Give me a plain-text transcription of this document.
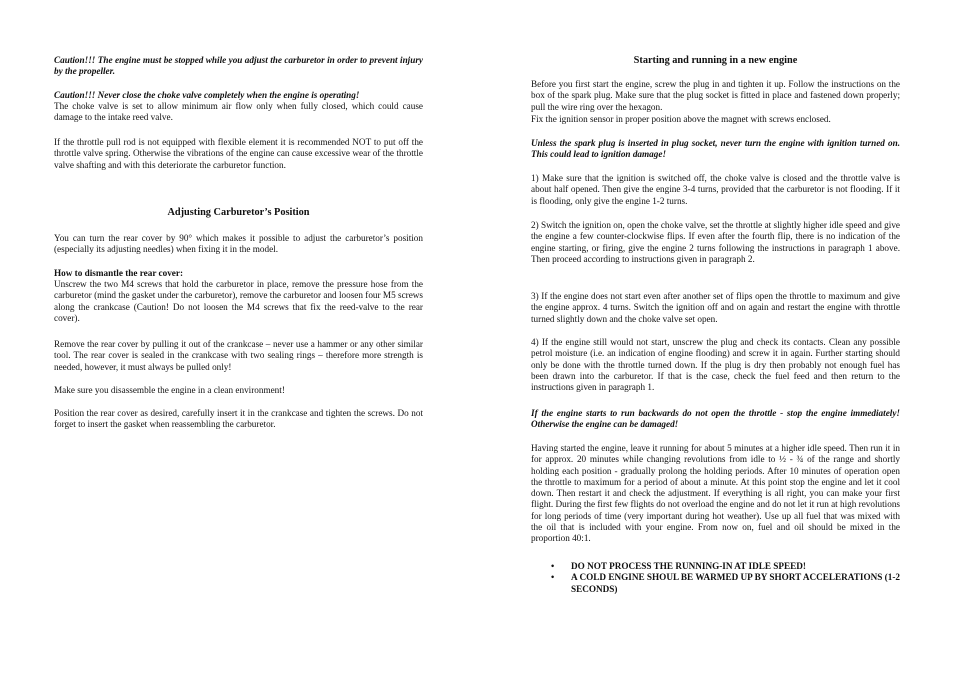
Caution!!! The engine must be stopped while you adjust the carburetor in order to prevent injury by the propeller.

Caution!!! Never close the choke valve completely when the engine is operating!

The choke valve is set to allow minimum air flow only when fully closed, which could cause damage to the intake reed valve.

If the throttle pull rod is not equipped with flexible element it is recommended NOT to put off the throttle valve spring. Otherwise the vibrations of the engine can cause excessive wear of the throttle valve shafting and with this deteriorate the carburetor function.

Adjusting Carburetor’s Position

You can turn the rear cover by 90° which makes it possible to adjust the carburetor’s position (especially its adjusting needles) when fixing it in the model.

How to dismantle the rear cover:

Unscrew the two M4 screws that hold the carburetor in place, remove the pressure hose from the carburetor (mind the gasket under the carburetor), remove the carburetor and loosen four M5 screws along the crankcase (Caution! Do not loosen the M4 screws that fix the reed-valve to the rear cover).

Remove the rear cover by pulling it out of the crankcase – never use a hammer or any other similar tool. The rear cover is sealed in the crankcase with two sealing rings – therefore more strength is needed, however, it must always be pulled only!

Make sure you disassemble the engine in a clean environment!

Position the rear cover as desired, carefully insert it in the crankcase and tighten the screws. Do not forget to insert the gasket when reassembling the carburetor.

Starting and running in a new engine

Before you first start the engine, screw the plug in and tighten it up. Follow the instructions on the box of the spark plug. Make sure that the plug socket is fitted in place and fastened down properly; pull the wire ring over the hexagon.

Fix the ignition sensor in proper position above the magnet with screws enclosed.

Unless the spark plug is inserted in plug socket, never turn the engine with ignition turned on. This could lead to ignition damage!

1) Make sure that the ignition is switched off, the choke valve is closed and the throttle valve is about half opened. Then give the engine 3-4 turns, provided that the carburetor is not flooding. If it is flooding, only give the engine 1-2 turns.

2) Switch the ignition on, open the choke valve, set the throttle at slightly higher idle speed and give the engine a few counter-clockwise flips. If even after the fourth flip, there is no indication of the engine starting, or firing, give the engine 2 turns following the instructions in paragraph 1 above. Then proceed according to instructions given in paragraph 2.

3) If the engine does not start even after another set of flips open the throttle to maximum and give the engine approx. 4 turns. Switch the ignition off and on again and restart the engine with throttle turned slightly down and the choke valve set open.

4) If the engine still would not start, unscrew the plug and check its contacts. Clean any possible petrol moisture (i.e. an indication of engine flooding) and screw it in again. Further starting should only be done with the throttle turned down. If the plug is dry then probably not enough fuel has been drawn into the carburetor. If that is the case, check the fuel feed and then return to the instructions given in paragraph 1.

If the engine starts to run backwards do not open the throttle - stop the engine immediately! Otherwise the engine can be damaged!

Having started the engine, leave it running for about 5 minutes at a higher idle speed. Then run it in for approx. 20 minutes while changing revolutions from idle to ½ - ¾ of the range and shortly holding each position - gradually prolong the holding periods. After 10 minutes of operation open the throttle to maximum for a period of about a minute. At this point stop the engine and let it cool down. Then restart it and check the adjustment. If everything is all right, you can make your first flight. During the first few flights do not overload the engine and do not let it run at high revolutions for long periods of time (very important during hot weather). Use up all fuel that was mixed with the oil that is included with your engine. From now on, fuel and oil should be mixed in the proportion 40:1.

• DO NOT PROCESS THE RUNNING-IN AT IDLE SPEED!
• A COLD ENGINE SHOUL BE WARMED UP BY SHORT ACCELERATIONS (1-2 SECONDS)
